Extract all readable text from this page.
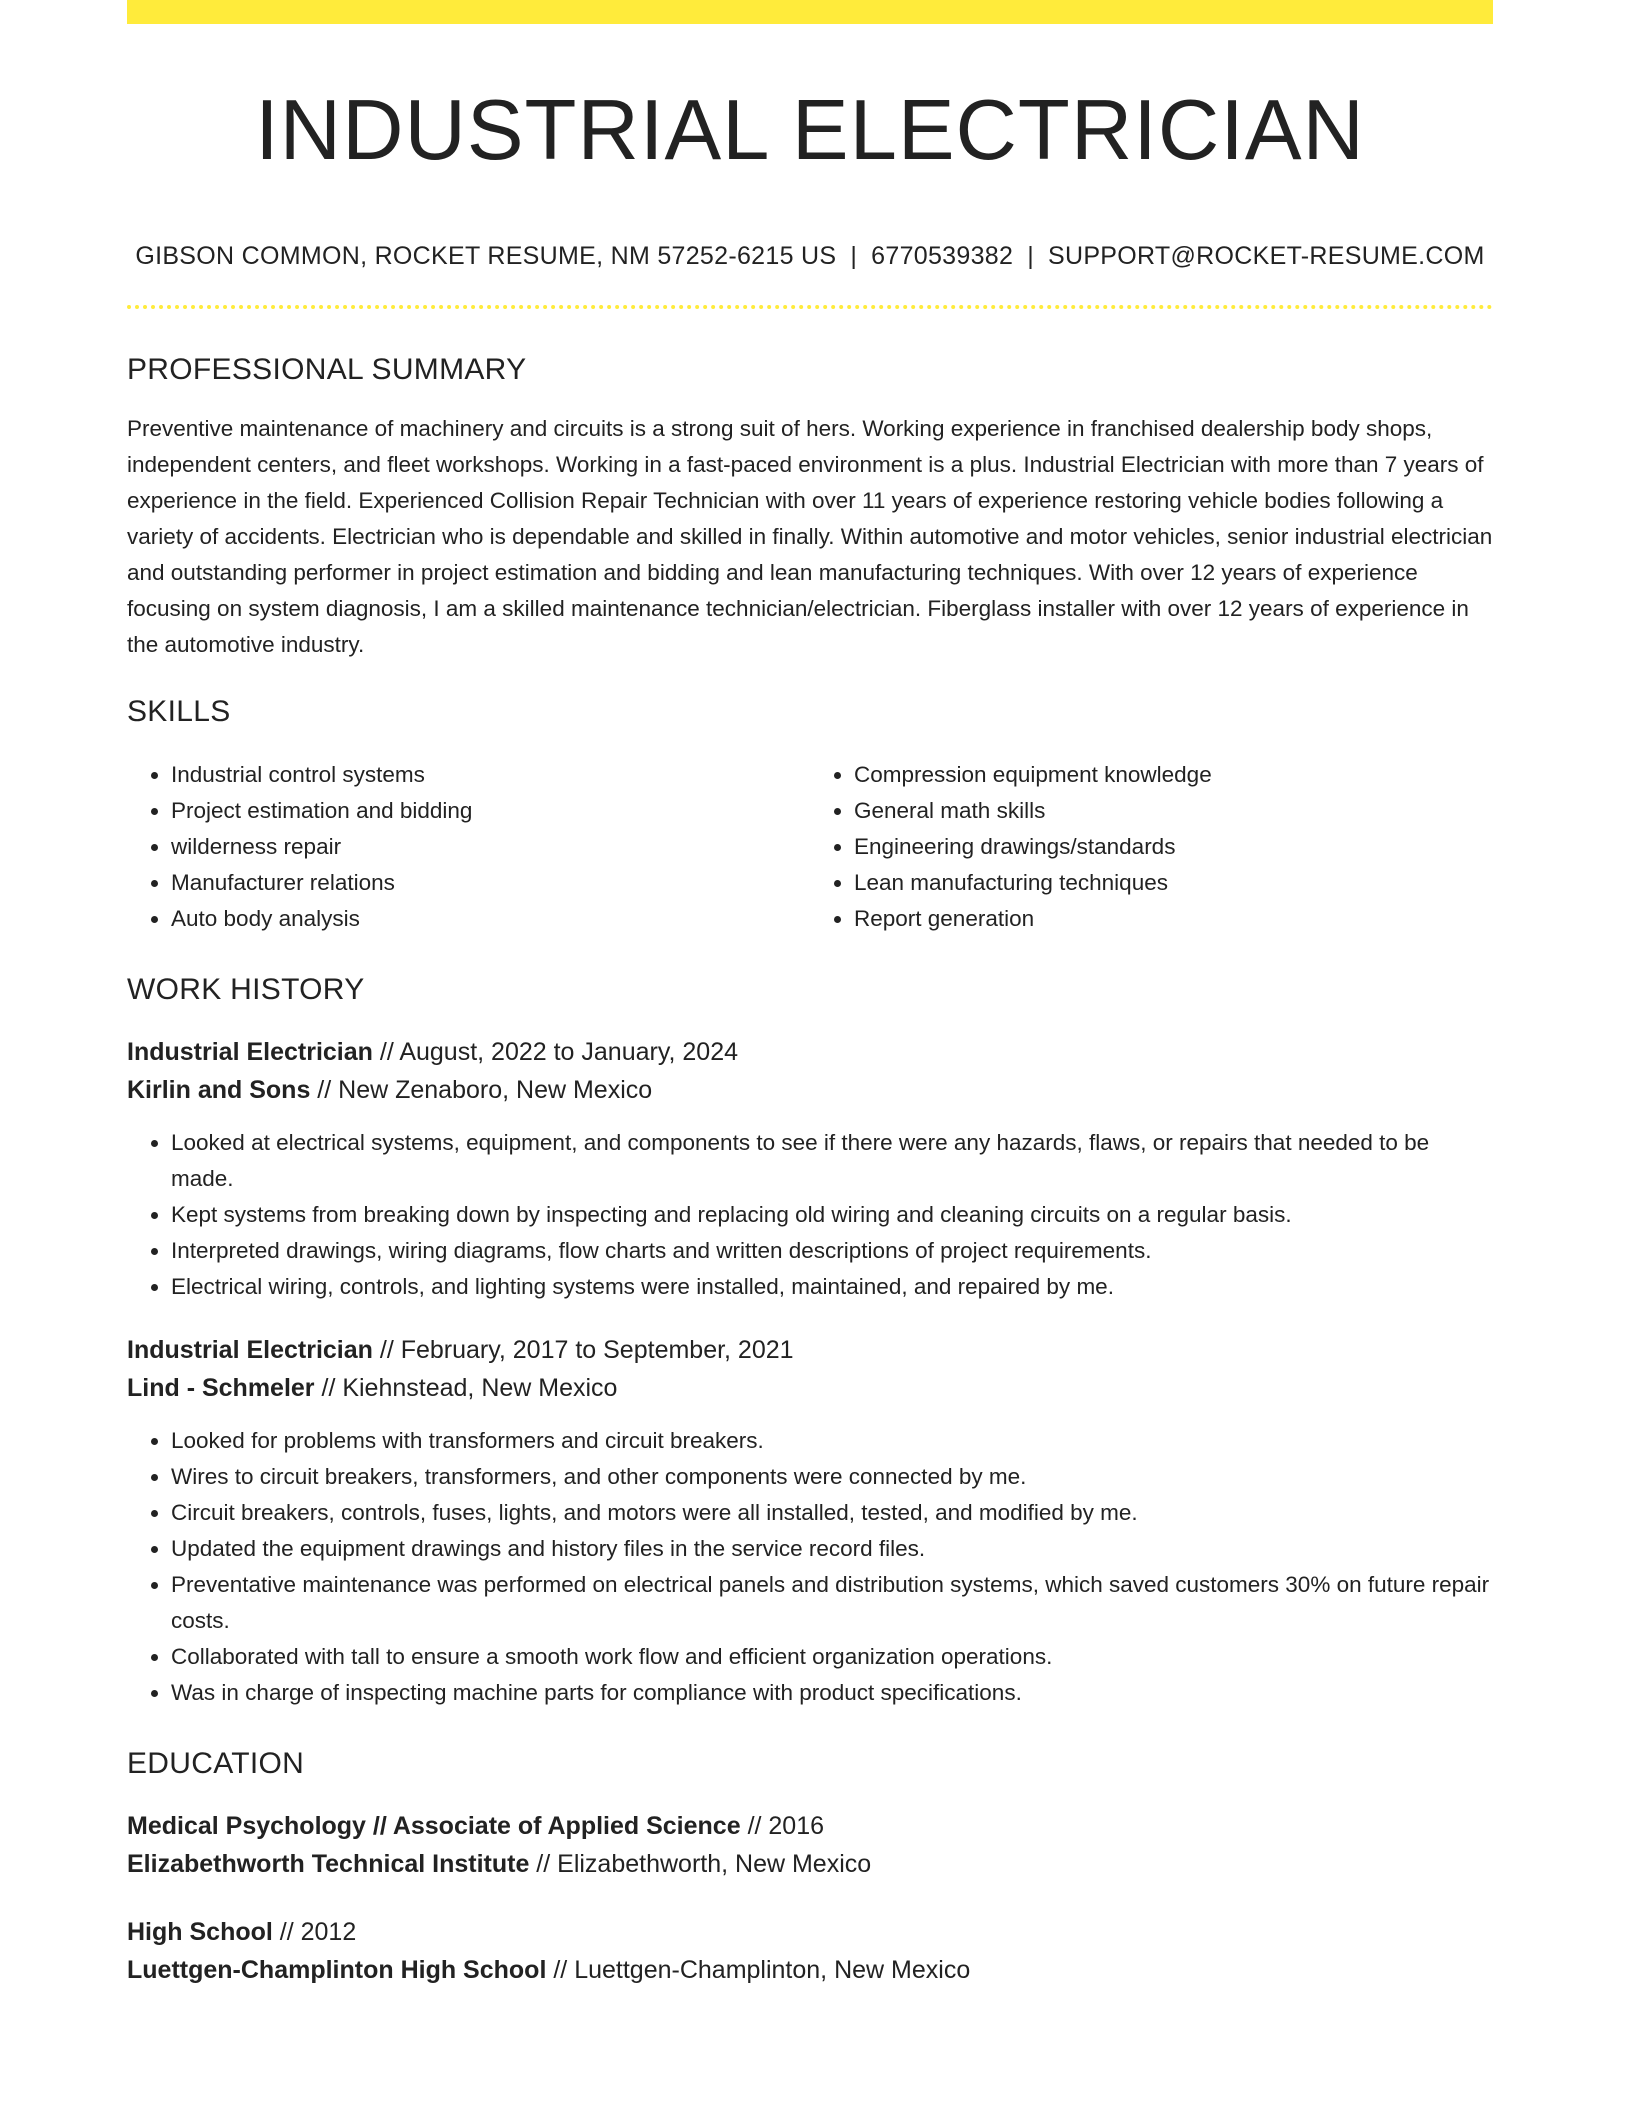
INDUSTRIAL ELECTRICIAN
GIBSON COMMON, ROCKET RESUME, NM 57252-6215 US | 6770539382 | SUPPORT@ROCKET-RESUME.COM
PROFESSIONAL SUMMARY
Preventive maintenance of machinery and circuits is a strong suit of hers. Working experience in franchised dealership body shops, independent centers, and fleet workshops. Working in a fast-paced environment is a plus. Industrial Electrician with more than 7 years of experience in the field. Experienced Collision Repair Technician with over 11 years of experience restoring vehicle bodies following a variety of accidents. Electrician who is dependable and skilled in finally. Within automotive and motor vehicles, senior industrial electrician and outstanding performer in project estimation and bidding and lean manufacturing techniques. With over 12 years of experience focusing on system diagnosis, I am a skilled maintenance technician/electrician. Fiberglass installer with over 12 years of experience in the automotive industry.
SKILLS
• Industrial control systems
• Project estimation and bidding
• wilderness repair
• Manufacturer relations
• Auto body analysis
• Compression equipment knowledge
• General math skills
• Engineering drawings/standards
• Lean manufacturing techniques
• Report generation
WORK HISTORY
Industrial Electrician // August, 2022 to January, 2024
Kirlin and Sons // New Zenaboro, New Mexico
• Looked at electrical systems, equipment, and components to see if there were any hazards, flaws, or repairs that needed to be made.
• Kept systems from breaking down by inspecting and replacing old wiring and cleaning circuits on a regular basis.
• Interpreted drawings, wiring diagrams, flow charts and written descriptions of project requirements.
• Electrical wiring, controls, and lighting systems were installed, maintained, and repaired by me.
Industrial Electrician // February, 2017 to September, 2021
Lind - Schmeler // Kiehnstead, New Mexico
• Looked for problems with transformers and circuit breakers.
• Wires to circuit breakers, transformers, and other components were connected by me.
• Circuit breakers, controls, fuses, lights, and motors were all installed, tested, and modified by me.
• Updated the equipment drawings and history files in the service record files.
• Preventative maintenance was performed on electrical panels and distribution systems, which saved customers 30% on future repair costs.
• Collaborated with tall to ensure a smooth work flow and efficient organization operations.
• Was in charge of inspecting machine parts for compliance with product specifications.
EDUCATION
Medical Psychology // Associate of Applied Science // 2016
Elizabethworth Technical Institute // Elizabethworth, New Mexico
High School // 2012
Luettgen-Champlinton High School // Luettgen-Champlinton, New Mexico
